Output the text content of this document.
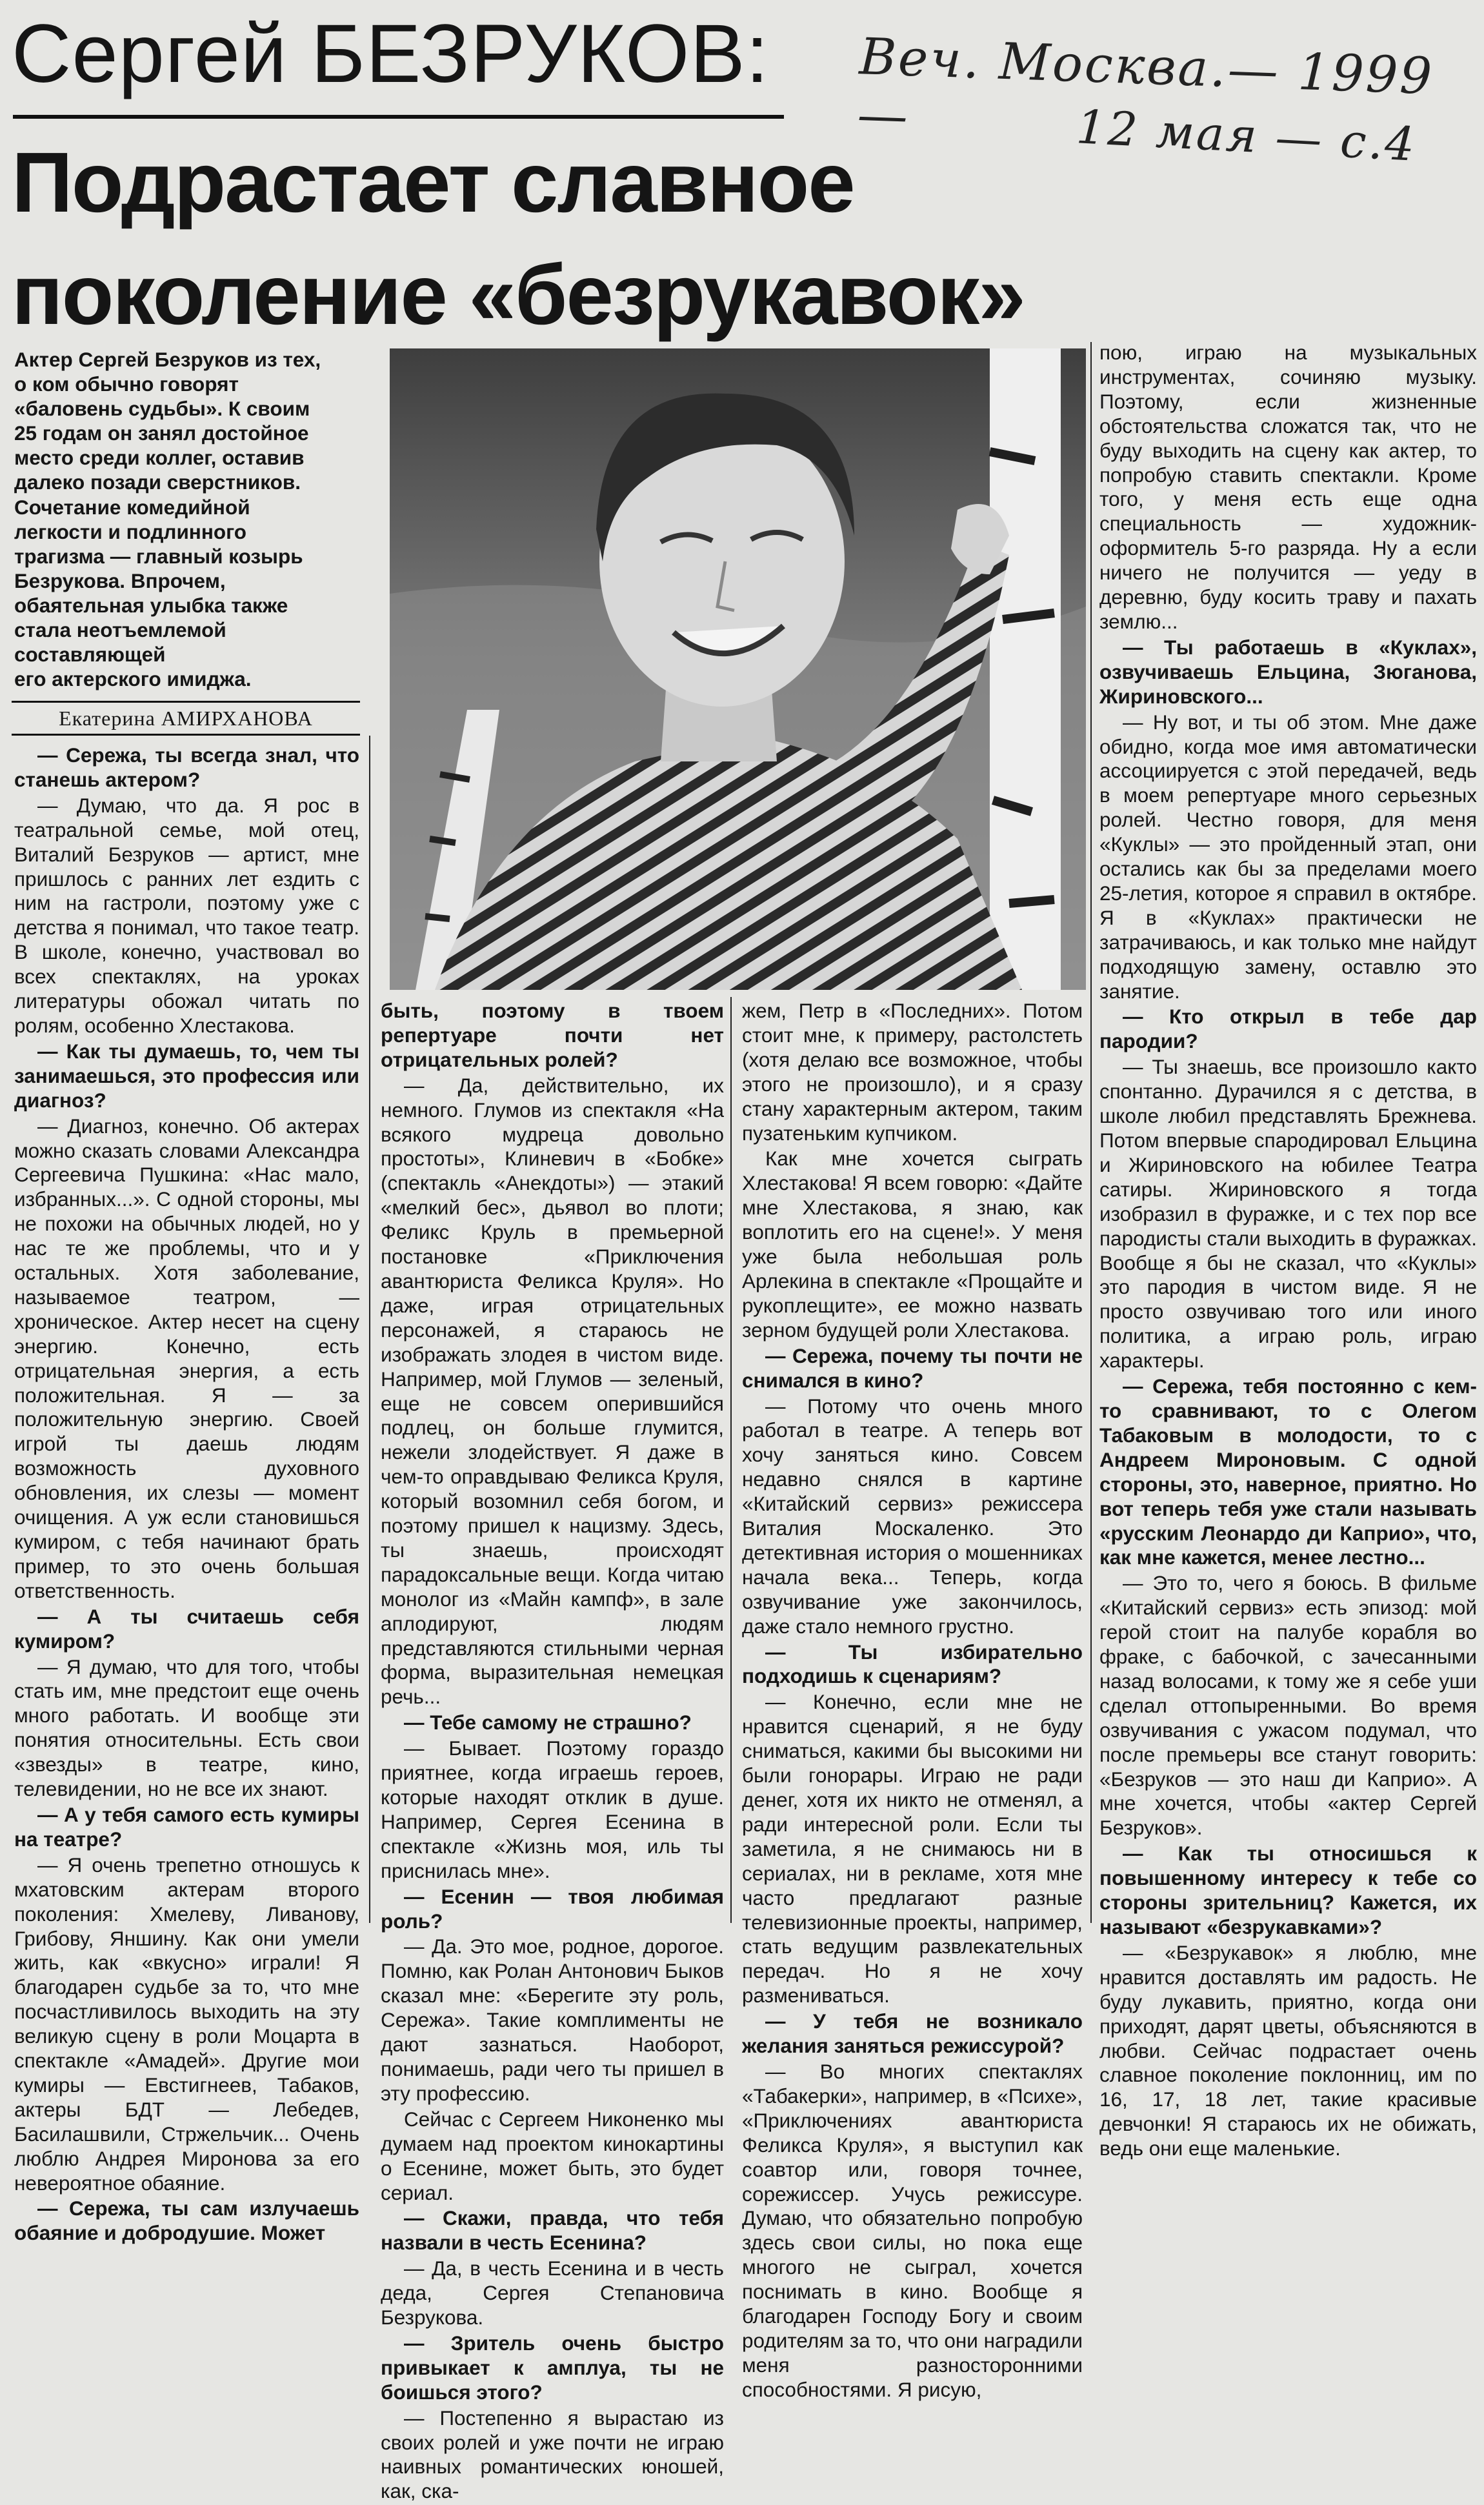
Веч. Москва.— 1999—	12 мая — с.4
Сергей БЕЗРУКОВ:
Подрастает славное
поколение «безрукавок»
Актер Сергей Безруков из тех,
о ком обычно говорят
«баловень судьбы». К своим
25 годам он занял достойное
место среди коллег, оставив
далеко позади сверстников.
Сочетание комедийной
легкости и подлинного
трагизма — главный козырь
Безрукова. Впрочем,
обаятельная улыбка также
стала неотъемлемой
составляющей
его актерского имиджа.
Екатерина АМИРХАНОВА

— Сережа, ты всегда знал, что станешь актером?

— Думаю, что да. Я рос в театральной семье, мой отец, Виталий Безруков — артист, мне пришлось с ранних лет ездить с ним на гастроли, поэтому уже с детства я понимал, что такое театр. В школе, конечно, участвовал во всех спектаклях, на уроках литературы обожал читать по ролям, особенно Хлестакова.

— Как ты думаешь, то, чем ты занимаешься, это профессия или диагноз?

— Диагноз, конечно. Об актерах можно сказать словами Александра Сергеевича Пушкина: «Нас мало, избранных...». С одной стороны, мы не похожи на обычных людей, но у нас те же проблемы, что и у остальных. Хотя заболевание, называемое театром, — хроническое. Актер несет на сцену энергию. Конечно, есть отрицательная энергия, а есть положительная. Я — за положительную энергию. Своей игрой ты даешь людям возможность духовного обновления, их слезы — момент очищения. А уж если становишься кумиром, с тебя начинают брать пример, то это очень большая ответственность.

— А ты считаешь себя кумиром?

— Я думаю, что для того, чтобы стать им, мне предстоит еще очень много работать. И вообще эти понятия относительны. Есть свои «звезды» в театре, кино, телевидении, но не все их знают.

— А у тебя самого есть кумиры на театре?

— Я очень трепетно отношусь к мхатовским актерам второго поколения: Хмелеву, Ливанову, Грибову, Яншину. Как они умели жить, как «вкусно» играли! Я благодарен судьбе за то, что мне посчастливилось выходить на эту великую сцену в роли Моцарта в спектакле «Амадей». Другие мои кумиры — Евстигнеев, Табаков, актеры БДТ — Лебедев, Басилашвили, Стржельчик... Очень люблю Андрея Миронова за его невероятное обаяние.

— Сережа, ты сам излучаешь обаяние и добродушие. Может

быть, поэтому в твоем репертуаре почти нет отрицательных ролей?

— Да, действительно, их немного. Глумов из спектакля «На всякого мудреца довольно простоты», Клиневич в «Бобке» (спектакль «Анекдоты») — этакий «мелкий бес», дьявол во плоти; Феликс Круль в премьерной постановке «Приключения авантюриста Феликса Круля». Но даже, играя отрицательных персонажей, я стараюсь не изображать злодея в чистом виде. Например, мой Глумов — зеленый, еще не совсем оперившийся подлец, он больше глумится, нежели злодействует. Я даже в чем-то оправдываю Феликса Круля, который возомнил себя богом, и поэтому пришел к нацизму. Здесь, ты знаешь, происходят парадоксальные вещи. Когда читаю монолог из «Майн кампф», в зале аплодируют, людям представляются стильными черная форма, выразительная немецкая речь...

— Тебе самому не страшно?

— Бывает. Поэтому гораздо приятнее, когда играешь героев, которые находят отклик в душе. Например, Сергея Есенина в спектакле «Жизнь моя, иль ты приснилась мне».

— Есенин — твоя любимая роль?

— Да. Это мое, родное, дорогое. Помню, как Ролан Антонович Быков сказал мне: «Берегите эту роль, Сережа». Такие комплименты не дают зазнаться. Наоборот, понимаешь, ради чего ты пришел в эту профессию.

Сейчас с Сергеем Никоненко мы думаем над проектом кинокартины о Есенине, может быть, это будет сериал.

— Скажи, правда, что тебя назвали в честь Есенина?

— Да, в честь Есенина и в честь деда, Сергея Степановича Безрукова.

— Зритель очень быстро привыкает к амплуа, ты не боишься этого?

— Постепенно я вырастаю из своих ролей и уже почти не играю наивных романтических юношей, как, ска-

жем, Петр в «Последних». Потом стоит мне, к примеру, растолстеть (хотя делаю все возможное, чтобы этого не произошло), и я сразу стану характерным актером, таким пузатеньким купчиком.

Как мне хочется сыграть Хлестакова! Я всем говорю: «Дайте мне Хлестакова, я знаю, как воплотить его на сцене!». У меня уже была небольшая роль Арлекина в спектакле «Прощайте и рукоплещите», ее можно назвать зерном будущей роли Хлестакова.

— Сережа, почему ты почти не снимался в кино?

— Потому что очень много работал в театре. А теперь вот хочу заняться кино. Совсем недавно снялся в картине «Китайский сервиз» режиссера Виталия Москаленко. Это детективная история о мошенниках начала века... Теперь, когда озвучивание уже закончилось, даже стало немного грустно.

— Ты избирательно подходишь к сценариям?

— Конечно, если мне не нравится сценарий, я не буду сниматься, какими бы высокими ни были гонорары. Играю не ради денег, хотя их никто не отменял, а ради интересной роли. Если ты заметила, я не снимаюсь ни в сериалах, ни в рекламе, хотя мне часто предлагают разные телевизионные проекты, например, стать ведущим развлекательных передач. Но я не хочу размениваться.

— У тебя не возникало желания заняться режиссурой?

— Во многих спектаклях «Табакерки», например, в «Психе», «Приключениях авантюриста Феликса Круля», я выступил как соавтор или, говоря точнее, сорежиссер. Учусь режиссуре. Думаю, что обязательно попробую здесь свои силы, но пока еще многого не сыграл, хочется поснимать в кино. Вообще я благодарен Господу Богу и своим родителям за то, что они наградили меня разносторонними способностями. Я рисую,

пою, играю на музыкальных инструментах, сочиняю музыку. Поэтому, если жизненные обстоятельства сложатся так, что не буду выходить на сцену как актер, то попробую ставить спектакли. Кроме того, у меня есть еще одна специальность — художник-оформитель 5-го разряда. Ну а если ничего не получится — уеду в деревню, буду косить траву и пахать землю...

— Ты работаешь в «Куклах», озвучиваешь Ельцина, Зюганова, Жириновского...

— Ну вот, и ты об этом. Мне даже обидно, когда мое имя автоматически ассоциируется с этой передачей, ведь в моем репертуаре много серьезных ролей. Честно говоря, для меня «Куклы» — это пройденный этап, они остались как бы за пределами моего 25-летия, которое я справил в октябре. Я в «Куклах» практически не затрачиваюсь, и как только мне найдут подходящую замену, оставлю это занятие.

— Кто открыл в тебе дар пародии?

— Ты знаешь, все произошло както спонтанно. Дурачился я с детства, в школе любил представлять Брежнева. Потом впервые спародировал Ельцина и Жириновского на юбилее Театра сатиры. Жириновского я тогда изобразил в фуражке, и с тех пор все пародисты стали выходить в фуражках. Вообще я бы не сказал, что «Куклы» это пародия в чистом виде. Я не просто озвучиваю того или иного политика, а играю роль, играю характеры.

— Сережа, тебя постоянно с кем-то сравнивают, то с Олегом Табаковым в молодости, то с Андреем Мироновым. С одной стороны, это, наверное, приятно. Но вот теперь тебя уже стали называть «русским Леонардо ди Каприо», что, как мне кажется, менее лестно...

— Это то, чего я боюсь. В фильме «Китайский сервиз» есть эпизод: мой герой стоит на палубе корабля во фраке, с бабочкой, с зачесанными назад волосами, к тому же я себе уши сделал оттопыренными. Во время озвучивания с ужасом подумал, что после премьеры все станут говорить: «Безруков — это наш ди Каприо». А мне хочется, чтобы «актер Сергей Безруков».

— Как ты относишься к повышенному интересу к тебе со стороны зрительниц? Кажется, их называют «безрукавками»?

— «Безрукавок» я люблю, мне нравится доставлять им радость. Не буду лукавить, приятно, когда они приходят, дарят цветы, объясняются в любви. Сейчас подрастает очень славное поколение поклонниц, им по 16, 17, 18 лет, такие красивые девчонки! Я стараюсь их не обижать, ведь они еще маленькие.
